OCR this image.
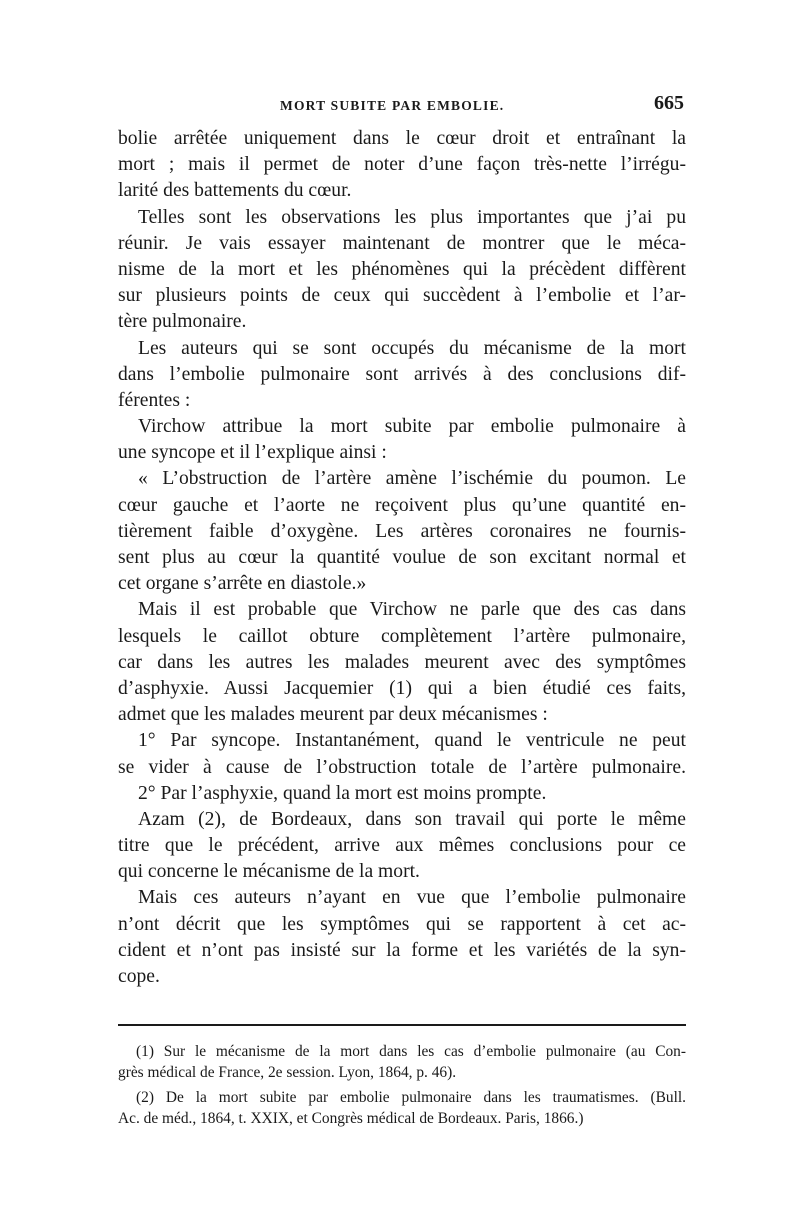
MORT SUBITE PAR EMBOLIE.	665
bolie arrêtée uniquement dans le cœur droit et entraînant la
mort ; mais il permet de noter d’une façon très-nette l’irrégu-
larité des battements du cœur.
Telles sont les observations les plus importantes que j’ai pu
réunir. Je vais essayer maintenant de montrer que le méca-
nisme de la mort et les phénomènes qui la précèdent diffèrent
sur plusieurs points de ceux qui succèdent à l’embolie et l’ar-
tère pulmonaire.
Les auteurs qui se sont occupés du mécanisme de la mort
dans l’embolie pulmonaire sont arrivés à des conclusions dif-
férentes :
Virchow attribue la mort subite par embolie pulmonaire à
une syncope et il l’explique ainsi :
« L’obstruction de l’artère amène l’ischémie du poumon. Le
cœur gauche et l’aorte ne reçoivent plus qu’une quantité en-
tièrement faible d’oxygène. Les artères coronaires ne fournis-
sent plus au cœur la quantité voulue de son excitant normal et
cet organe s’arrête en diastole.»
Mais il est probable que Virchow ne parle que des cas dans
lesquels le caillot obture complètement l’artère pulmonaire,
car dans les autres les malades meurent avec des symptômes
d’asphyxie. Aussi Jacquemier (1) qui a bien étudié ces faits,
admet que les malades meurent par deux mécanismes :
1° Par syncope. Instantanément, quand le ventricule ne peut
se vider à cause de l’obstruction totale de l’artère pulmonaire.
2° Par l’asphyxie, quand la mort est moins prompte.
Azam (2), de Bordeaux, dans son travail qui porte le même
titre que le précédent, arrive aux mêmes conclusions pour ce
qui concerne le mécanisme de la mort.
Mais ces auteurs n’ayant en vue que l’embolie pulmonaire
n’ont décrit que les symptômes qui se rapportent à cet ac-
cident et n’ont pas insisté sur la forme et les variétés de la syn-
cope.
(1) Sur le mécanisme de la mort dans les cas d’embolie pulmonaire (au Con-
grès médical de France, 2e session. Lyon, 1864, p. 46).
(2) De la mort subite par embolie pulmonaire dans les traumatismes. (Bull.
Ac. de méd., 1864, t. XXIX, et Congrès médical de Bordeaux. Paris, 1866.)
